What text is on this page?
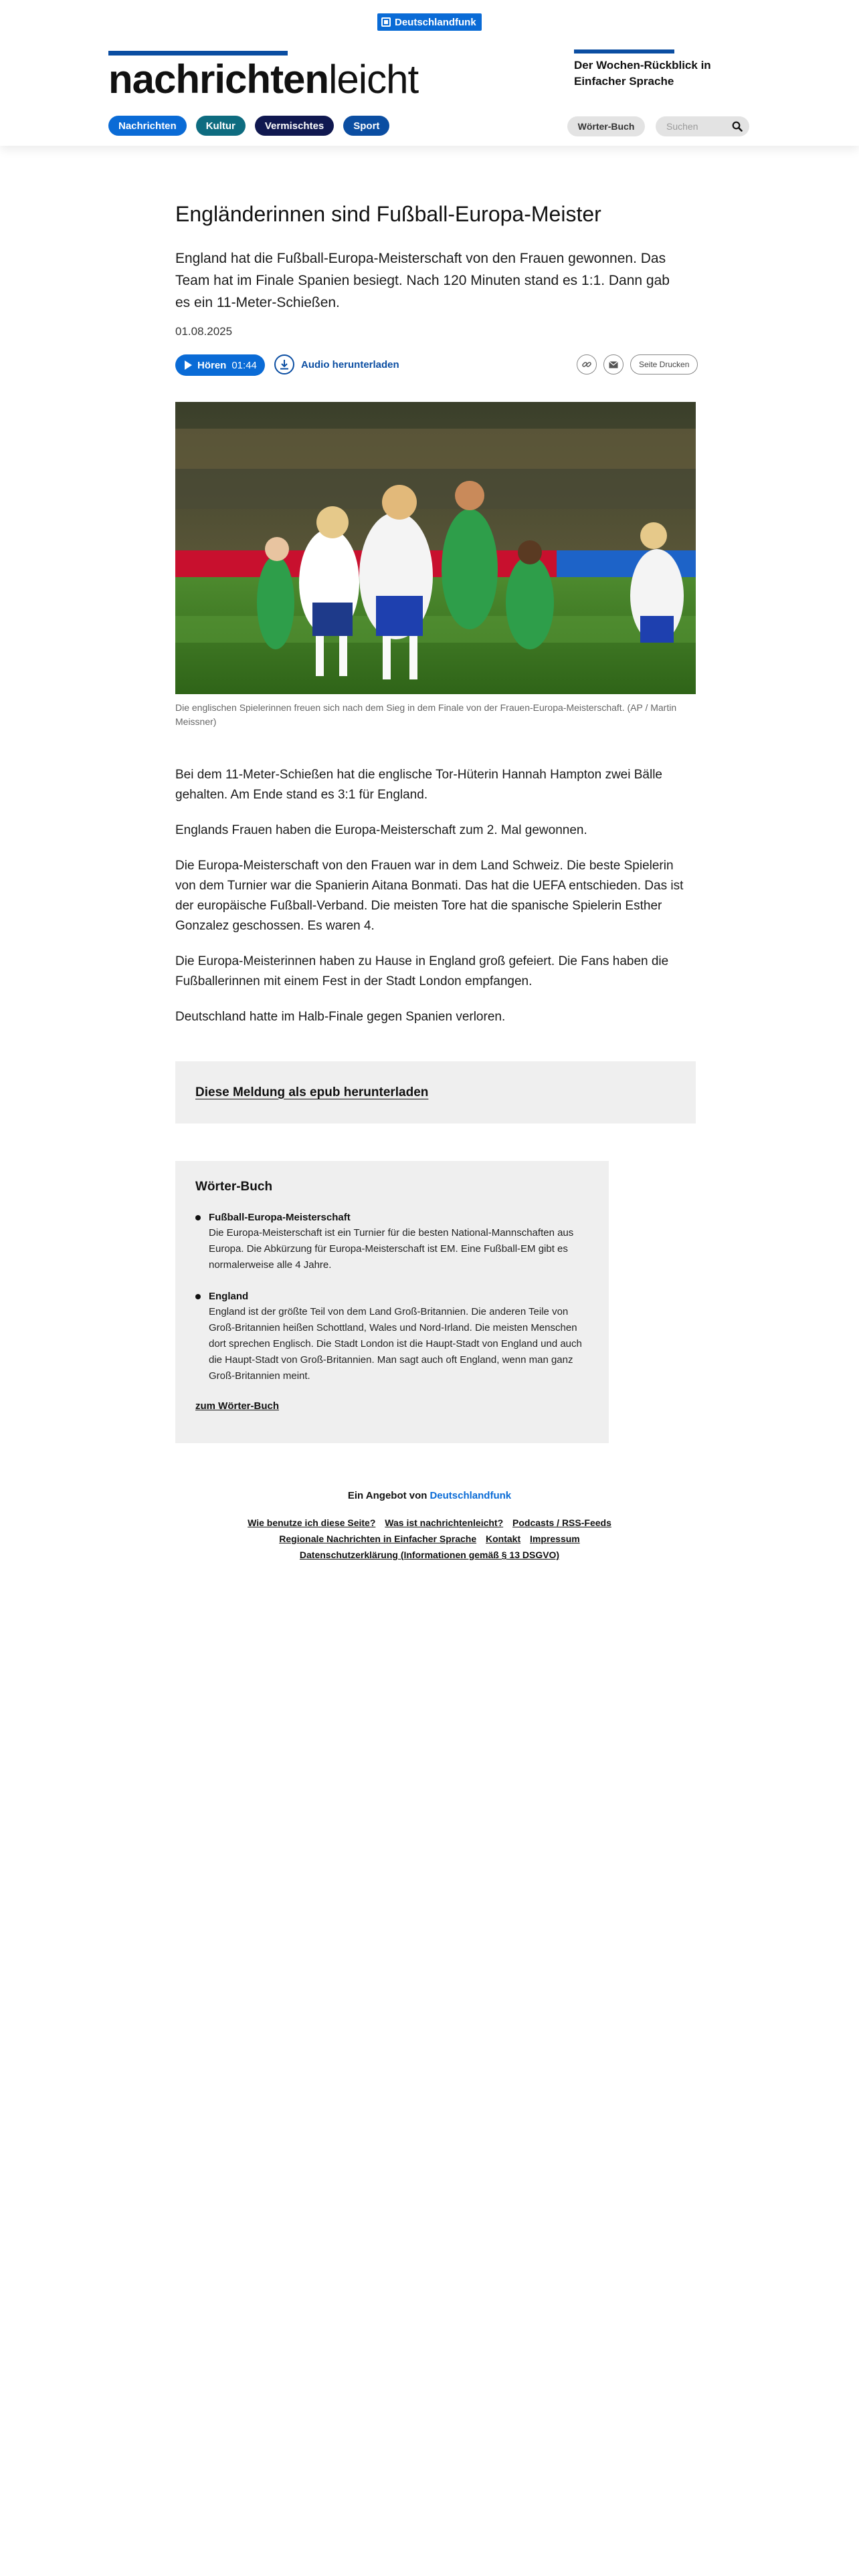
Deutschlandfunk
nachrichtenleicht	Der Wochen-Rückblick in Einfacher Sprache
Nachrichten	Kultur	Vermischtes	Sport	Wörter-Buch
Suchen
Engländerinnen sind Fußball-Europa-Meister

England hat die Fußball-Europa-Meisterschaft von den Frauen gewonnen. Das Team hat im Finale Spanien besiegt. Nach 120 Minuten stand es 1:1. Dann gab es ein 11-Meter-Schießen.

01.08.2025
Hören 01:44	Audio herunterladen	Seite Drucken
Die englischen Spielerinnen freuen sich nach dem Sieg in dem Finale von der Frauen-Europa-Meisterschaft. (AP / Martin Meissner)

Bei dem 11-Meter-Schießen hat die englische Tor-Hüterin Hannah Hampton zwei Bälle gehalten. Am Ende stand es 3:1 für England.

Englands Frauen haben die Europa-Meisterschaft zum 2. Mal gewonnen.

Die Europa-Meisterschaft von den Frauen war in dem Land Schweiz. Die beste Spielerin von dem Turnier war die Spanierin Aitana Bonmati. Das hat die UEFA entschieden. Das ist der europäische Fußball-Verband. Die meisten Tore hat die spanische Spielerin Esther Gonzalez geschossen. Es waren 4.

Die Europa-Meisterinnen haben zu Hause in England groß gefeiert. Die Fans haben die Fußballerinnen mit einem Fest in der Stadt London empfangen.

Deutschland hatte im Halb-Finale gegen Spanien verloren.

Diese Meldung als epub herunterladen
Wörter-Buch
Fußball-Europa-Meisterschaft
Die Europa-Meisterschaft ist ein Turnier für die besten National-Mannschaften aus Europa. Die Abkürzung für Europa-Meisterschaft ist EM. Eine Fußball-EM gibt es normalerweise alle 4 Jahre.
England
England ist der größte Teil von dem Land Groß-Britannien. Die anderen Teile von Groß-Britannien heißen Schottland, Wales und Nord-Irland. Die meisten Menschen dort sprechen Englisch. Die Stadt London ist die Haupt-Stadt von England und auch die Haupt-Stadt von Groß-Britannien. Man sagt auch oft England, wenn man ganz Groß-Britannien meint.
zum Wörter-Buch
Ein Angebot von Deutschlandfunk
Wie benutze ich diese Seite? Was ist nachrichtenleicht? Podcasts / RSS-Feeds Regionale Nachrichten in Einfacher Sprache Kontakt Impressum Datenschutzerklärung (Informationen gemäß § 13 DSGVO)
